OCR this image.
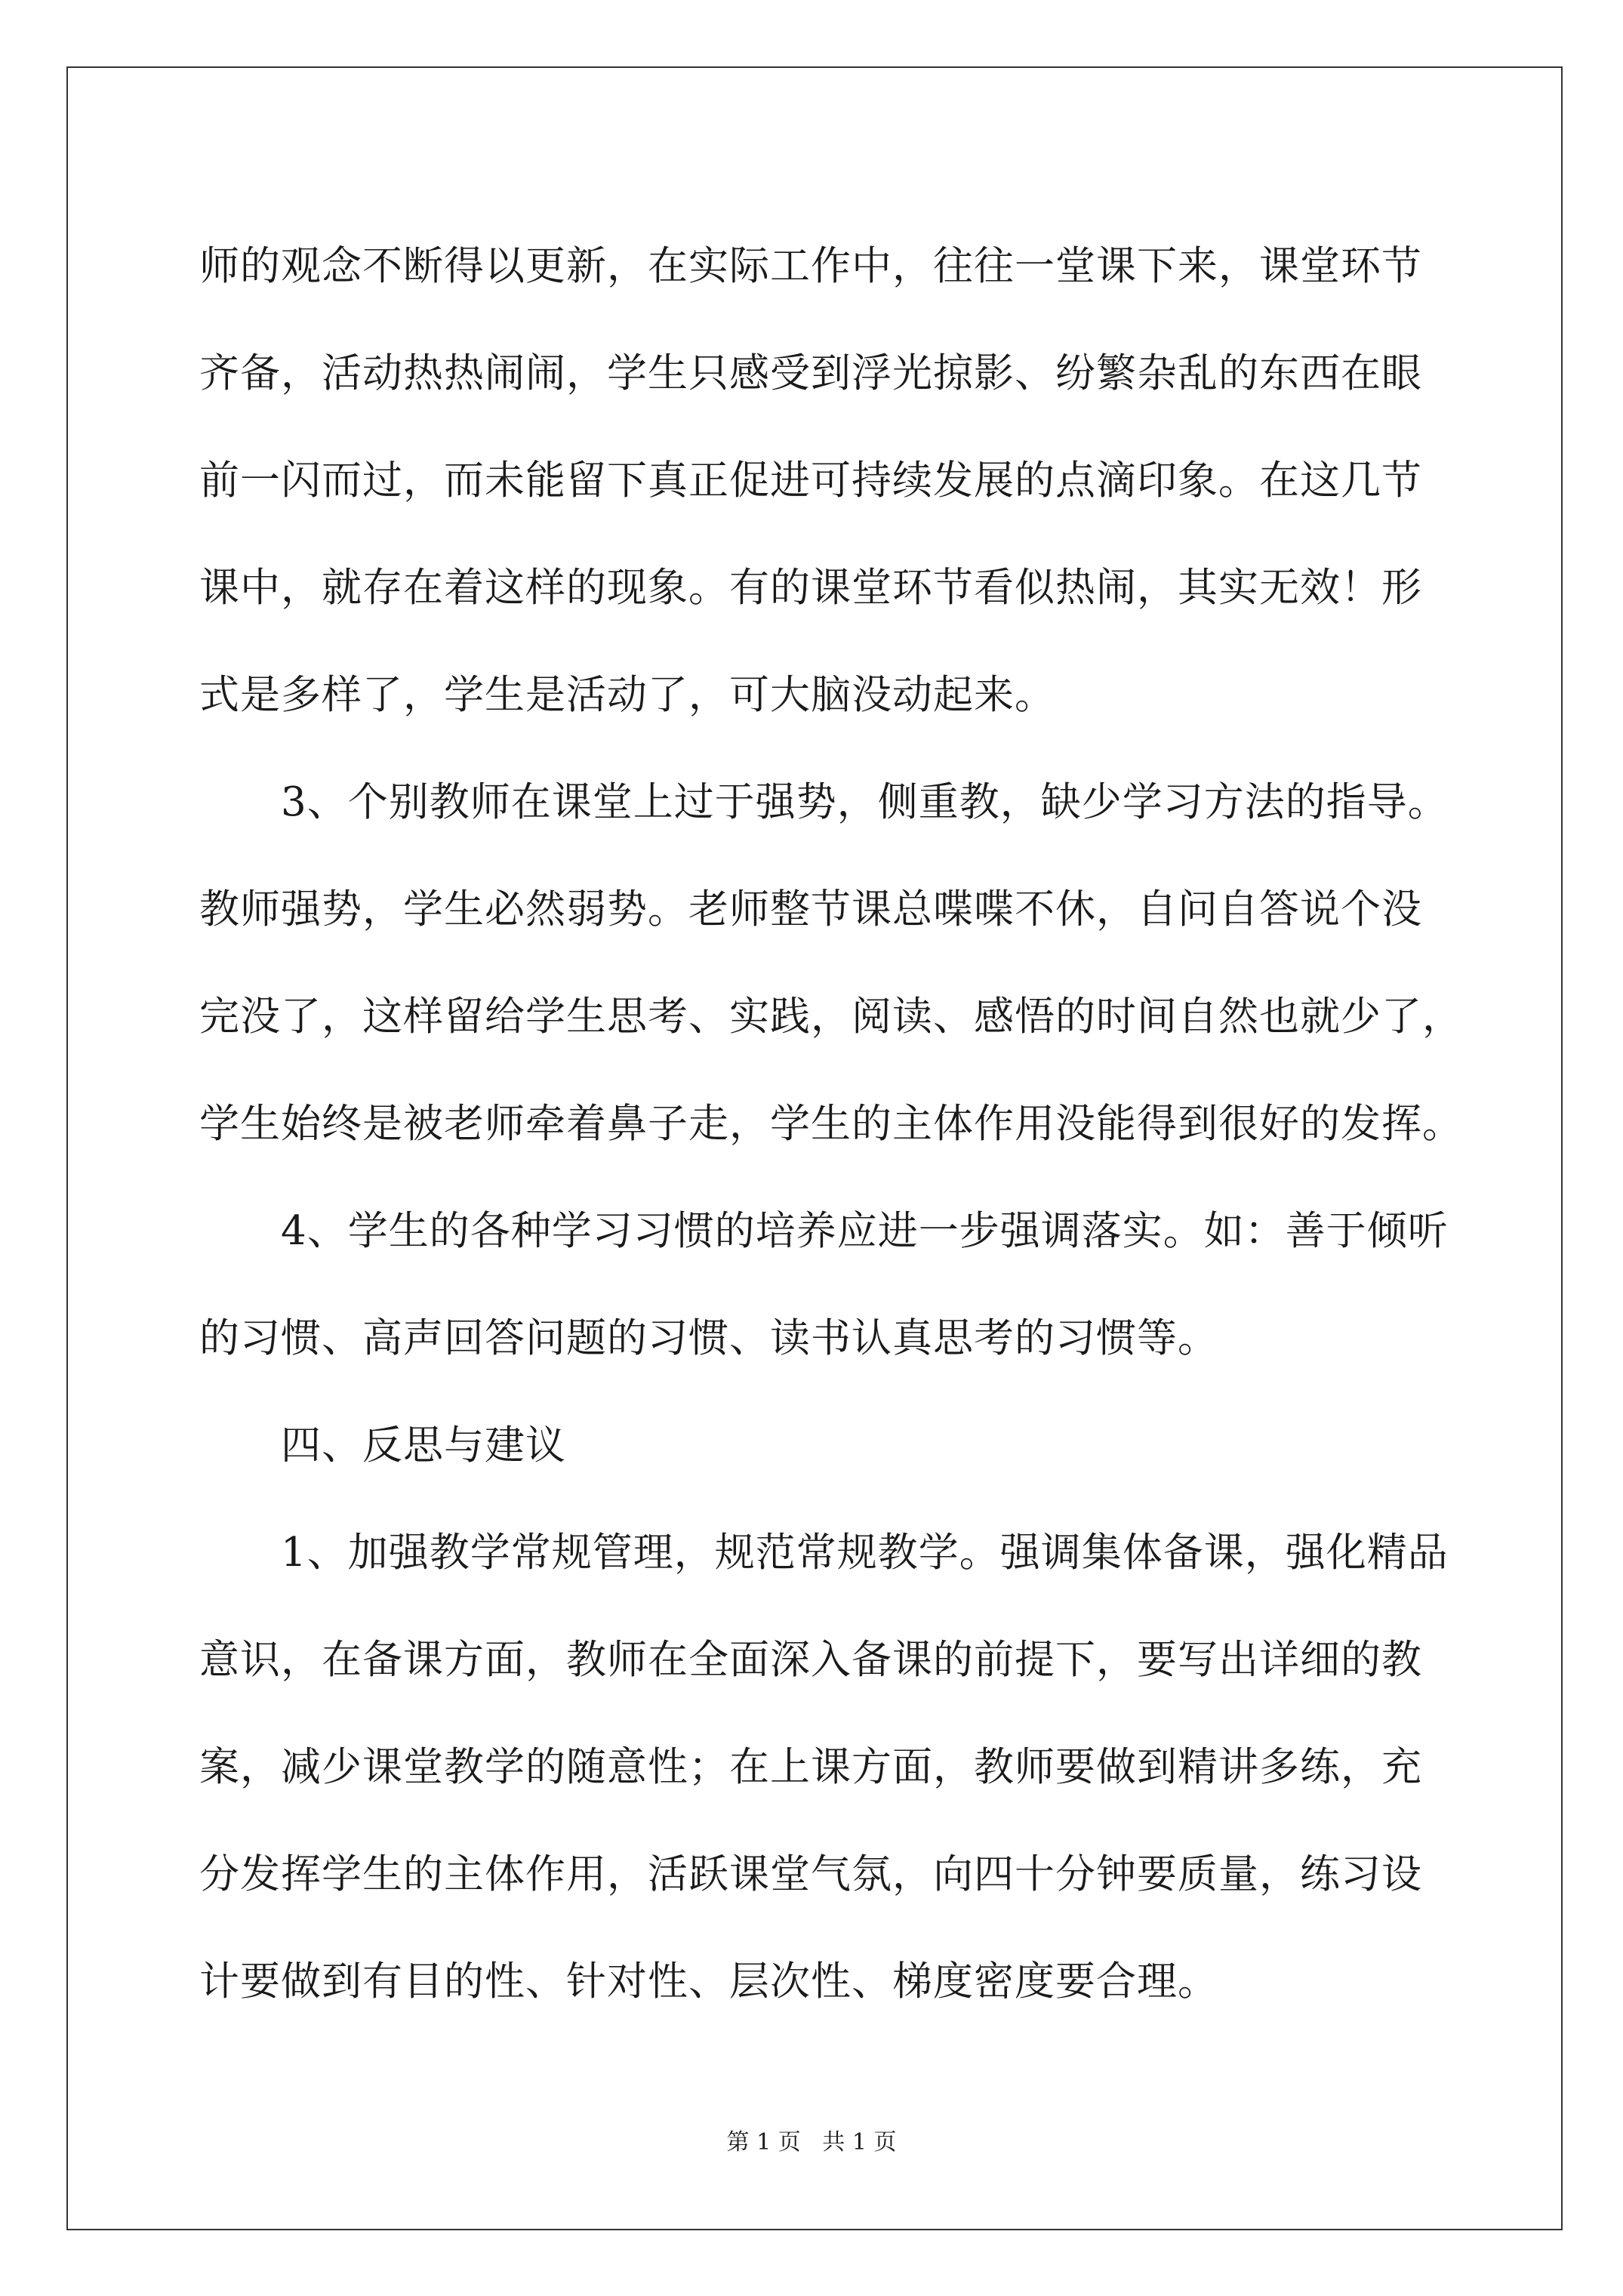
师的观念不断得以更新，在实际工作中，往往一堂课下来，课堂环节
齐备，活动热热闹闹，学生只感受到浮光掠影、纷繁杂乱的东西在眼
前一闪而过，而未能留下真正促进可持续发展的点滴印象。在这几节
课中，就存在着这样的现象。有的课堂环节看似热闹，其实无效！形
式是多样了，学生是活动了，可大脑没动起来。
3、个别教师在课堂上过于强势，侧重教，缺少学习方法的指导。
教师强势，学生必然弱势。老师整节课总喋喋不休，自问自答说个没
完没了，这样留给学生思考、实践，阅读、感悟的时间自然也就少了，
学生始终是被老师牵着鼻子走，学生的主体作用没能得到很好的发挥。
4、学生的各种学习习惯的培养应进一步强调落实。如：善于倾听
的习惯、高声回答问题的习惯、读书认真思考的习惯等。
四、反思与建议
1、加强教学常规管理，规范常规教学。强调集体备课，强化精品
意识，在备课方面，教师在全面深入备课的前提下，要写出详细的教
案，减少课堂教学的随意性；在上课方面，教师要做到精讲多练，充
分发挥学生的主体作用，活跃课堂气氛，向四十分钟要质量，练习设
计要做到有目的性、针对性、层次性、梯度密度要合理。
第 1 页   共 1 页
